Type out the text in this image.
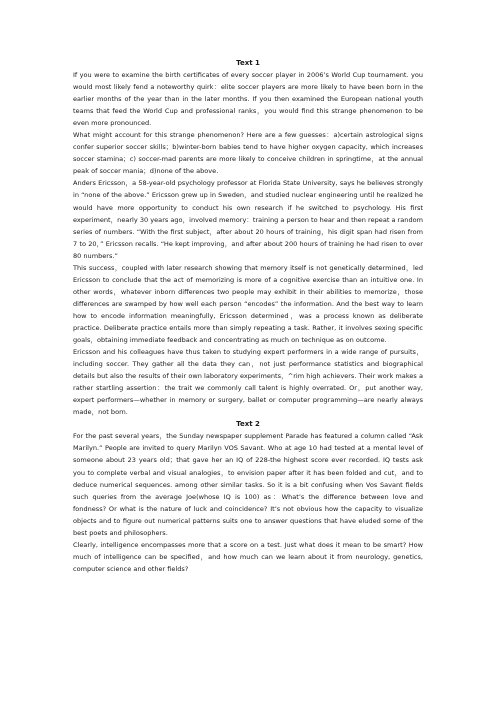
Text 1

If you were to examine the birth certificates of every soccer player in 2006’s World Cup tournament. you would most likely fend a noteworthy quirk：elite soccer players are more likely to have been born in the earlier months of the year than in the later months. If you then examined the European national youth teams that feed the World Cup and professional ranks，you would find this strange phenomenon to be even more pronounced.

What might account for this strange phenomenon? Here are a few guesses：a)certain astrological signs confer superior soccer skills；b)winter-born babies tend to have higher oxygen capacity, which increases soccer stamina；c) soccer-mad parents are more likely to conceive children in springtime，at the annual peak of soccer mania；d)none of the above.

Anders Ericsson，a 58-year-old psychology professor at Florida State University, says he believes strongly in “none of the above.” Ericsson grew up in Sweden，and studied nuclear engineering until he realized he would have more opportunity to conduct his own research if he switched to psychology. His first experiment，nearly 30 years ago，involved memory：training a person to hear and then repeat a random series of numbers. “With the first subject，after about 20 hours of training，his digit span had risen from 7 to 20，” Ericsson recalls. “He kept improving，and after about 200 hours of training he had risen to over 80 numbers.”

This success，coupled with later research showing that memory itself is not genetically determined，led Ericsson to conclude that the act of memorizing is more of a cognitive exercise than an intuitive one. In other words，whatever inborn differences two people may exhibit in their abilities to memorize，those differences are swamped by how well each person “encodes” the information. And the best way to learn how to encode information meaningfully, Ericsson determined，was a process known as deliberate practice. Deliberate practice entails more than simply repeating a task. Rather, it involves sexing specific goals，obtaining immediate feedback and concentrating as much on technique as on outcome.

Ericsson and his colleagues have thus taken to studying expert performers in a wide range of pursuits，including soccer. They gather all the data they can，not just performance statistics and biographical details but also the results of their own laboratory experiments，^rim high achievers. Their work makes a rather startling assertion：the trait we commonly call talent is highly overrated. Or，put another way, expert performers—whether in memory or surgery, ballet or computer programming—are nearly always made，not born.

Text 2

For the past several years，the Sunday newspaper supplement Parade has featured a column called “Ask Marilyn.” People are invited to query Marilyn VOS Savant. Who at age 10 had tested at a mental level of someone about 23 years old；that gave her an IQ of 228-the highest score ever recorded. IQ tests ask you to complete verbal and visual analogies，to envision paper after it has been folded and cut，and to deduce numerical sequences. among other similar tasks. So it is a bit confusing when Vos Savant fields such queries from the average Joe(whose IQ is 100) as：What’s the difference between love and fondness? Or what is the nature of luck and coincidence? It’s not obvious how the capacity to visualize objects and to figure out numerical patterns suits one to answer questions that have eluded some of the best poets and philosophers.

Clearly, intelligence encompasses more that a score on a test. Just what does it mean to be smart? How much of intelligence can be specified，and how much can we learn about it from neurology, genetics, computer science and other fields?
